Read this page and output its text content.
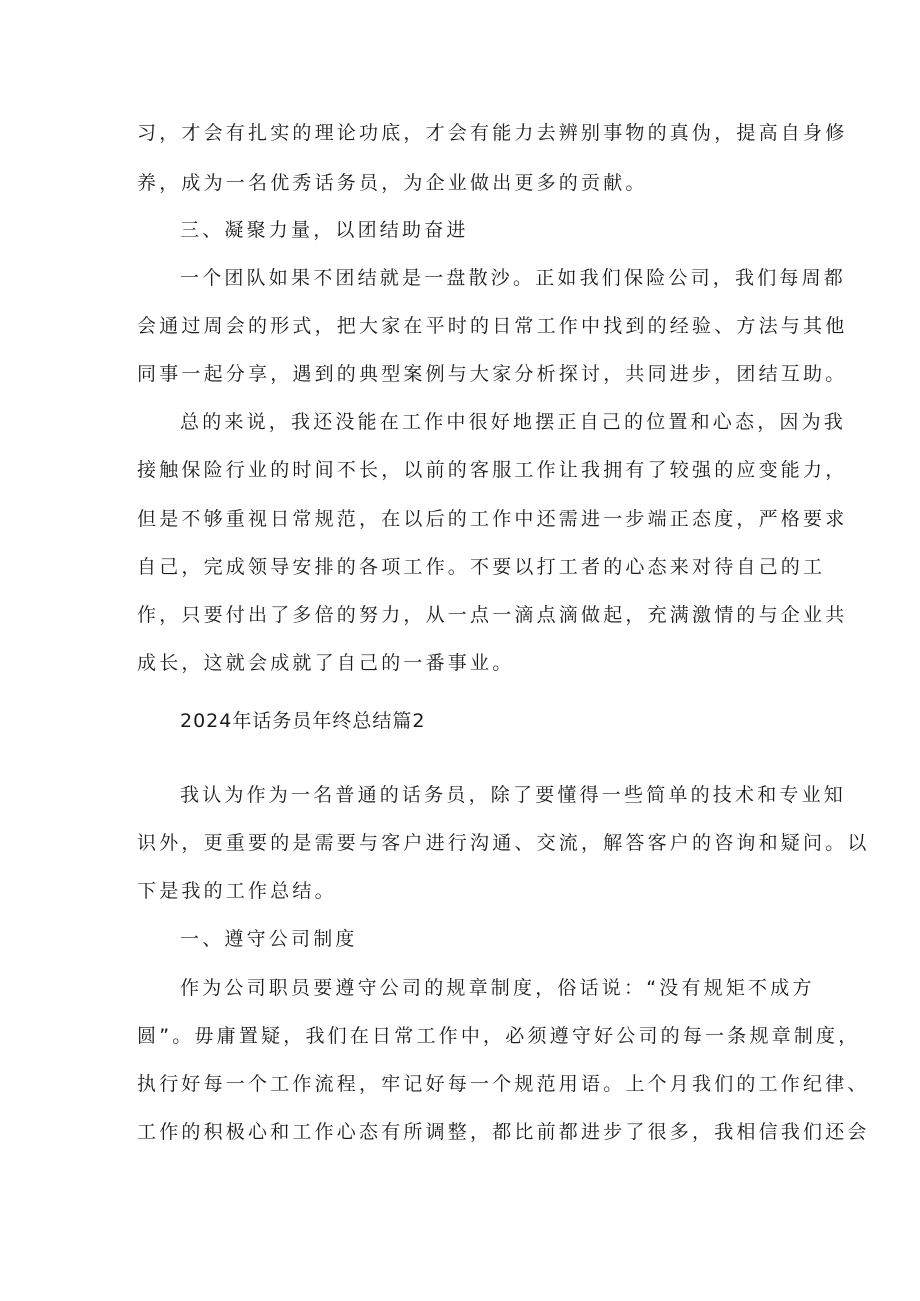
习，才会有扎实的理论功底，才会有能力去辨别事物的真伪，提高自身修
养，成为一名优秀话务员，为企业做出更多的贡献。
三、凝聚力量，以团结助奋进
一个团队如果不团结就是一盘散沙。正如我们保险公司，我们每周都
会通过周会的形式，把大家在平时的日常工作中找到的经验、方法与其他
同事一起分享，遇到的典型案例与大家分析探讨，共同进步，团结互助。
总的来说，我还没能在工作中很好地摆正自己的位置和心态，因为我
接触保险行业的时间不长，以前的客服工作让我拥有了较强的应变能力，
但是不够重视日常规范，在以后的工作中还需进一步端正态度，严格要求
自己，完成领导安排的各项工作。不要以打工者的心态来对待自己的工
作，只要付出了多倍的努力，从一点一滴点滴做起，充满激情的与企业共
成长，这就会成就了自己的一番事业。
2024年话务员年终总结篇2
我认为作为一名普通的话务员，除了要懂得一些简单的技术和专业知
识外，更重要的是需要与客户进行沟通、交流，解答客户的咨询和疑问。以
下是我的工作总结。
一、遵守公司制度
作为公司职员要遵守公司的规章制度，俗话说：“没有规矩不成方
圆”。毋庸置疑，我们在日常工作中，必须遵守好公司的每一条规章制度，
执行好每一个工作流程，牢记好每一个规范用语。上个月我们的工作纪律、
工作的积极心和工作心态有所调整，都比前都进步了很多，我相信我们还会
